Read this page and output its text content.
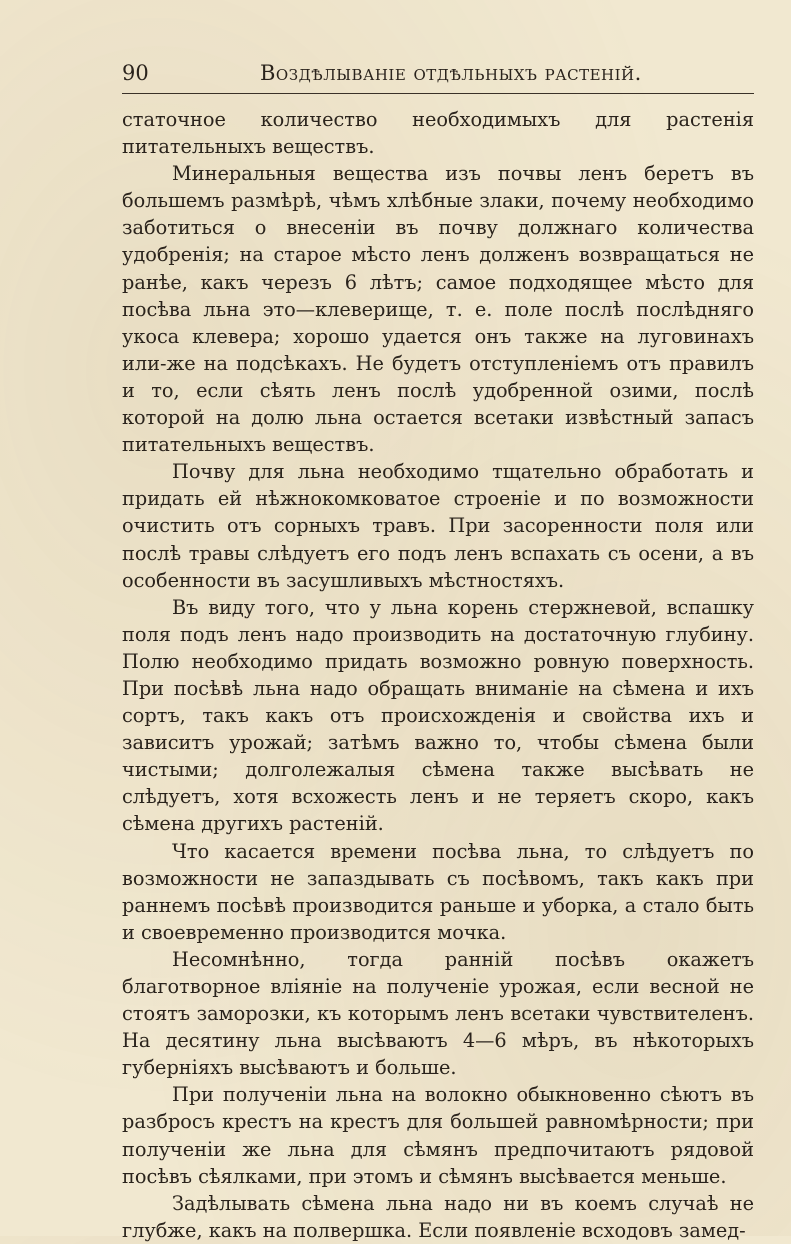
90	Воздѣлываніе отдѣльныхъ растеній.

статочное количество необходимыхъ для растенія питательныхъ веществъ.

Минеральныя вещества изъ почвы ленъ беретъ въ большемъ размѣрѣ, чѣмъ хлѣбные злаки, почему необходимо заботиться о внесеніи въ почву должнаго количества удобренія; на старое мѣсто ленъ долженъ возвращаться не ранѣе, какъ черезъ 6 лѣтъ; самое подходящее мѣсто для посѣва льна это—клеверище, т. е. поле послѣ послѣдняго укоса клевера; хорошо удается онъ также на луговинахъ или-же на подсѣкахъ. Не будетъ отступленіемъ отъ правилъ и то, если сѣять ленъ послѣ удобренной озими, послѣ которой на долю льна остается всетаки извѣстный запасъ питательныхъ веществъ.

Почву для льна необходимо тщательно обработать и придать ей нѣжнокомковатое строеніе и по возможности очистить отъ сорныхъ травъ. При засоренности поля или послѣ травы слѣдуетъ его подъ ленъ вспахать съ осени, а въ особенности въ засушливыхъ мѣстностяхъ.

Въ виду того, что у льна корень стержневой, вспашку поля подъ ленъ надо производить на достаточную глубину. Полю необходимо придать возможно ровную поверхность. При посѣвѣ льна надо обращать вниманіе на сѣмена и ихъ сортъ, такъ какъ отъ происхожденія и свойства ихъ и зависитъ урожай; затѣмъ важно то, чтобы сѣмена были чистыми; долголежалыя сѣмена также высѣвать не слѣдуетъ, хотя всхожесть ленъ и не теряетъ скоро, какъ сѣмена другихъ растеній.

Что касается времени посѣва льна, то слѣдуетъ по возможности не запаздывать съ посѣвомъ, такъ какъ при раннемъ посѣвѣ производится раньше и уборка, а стало быть и своевременно производится мочка.

Несомнѣнно, тогда ранній посѣвъ окажетъ благотворное вліяніе на полученіе урожая, если весной не стоятъ заморозки, къ которымъ ленъ всетаки чувствителенъ. На десятину льна высѣваютъ 4—6 мѣръ, въ нѣкоторыхъ губерніяхъ высѣваютъ и больше.

При полученіи льна на волокно обыкновенно сѣютъ въ разбросъ крестъ на крестъ для большей равномѣрности; при полученіи же льна для сѣмянъ предпочитаютъ рядовой посѣвъ сѣялками, при этомъ и сѣмянъ высѣвается меньше.

Задѣлывать сѣмена льна надо ни въ коемъ случаѣ не глубже, какъ на полвершка. Если появленіе всходовъ замед-
